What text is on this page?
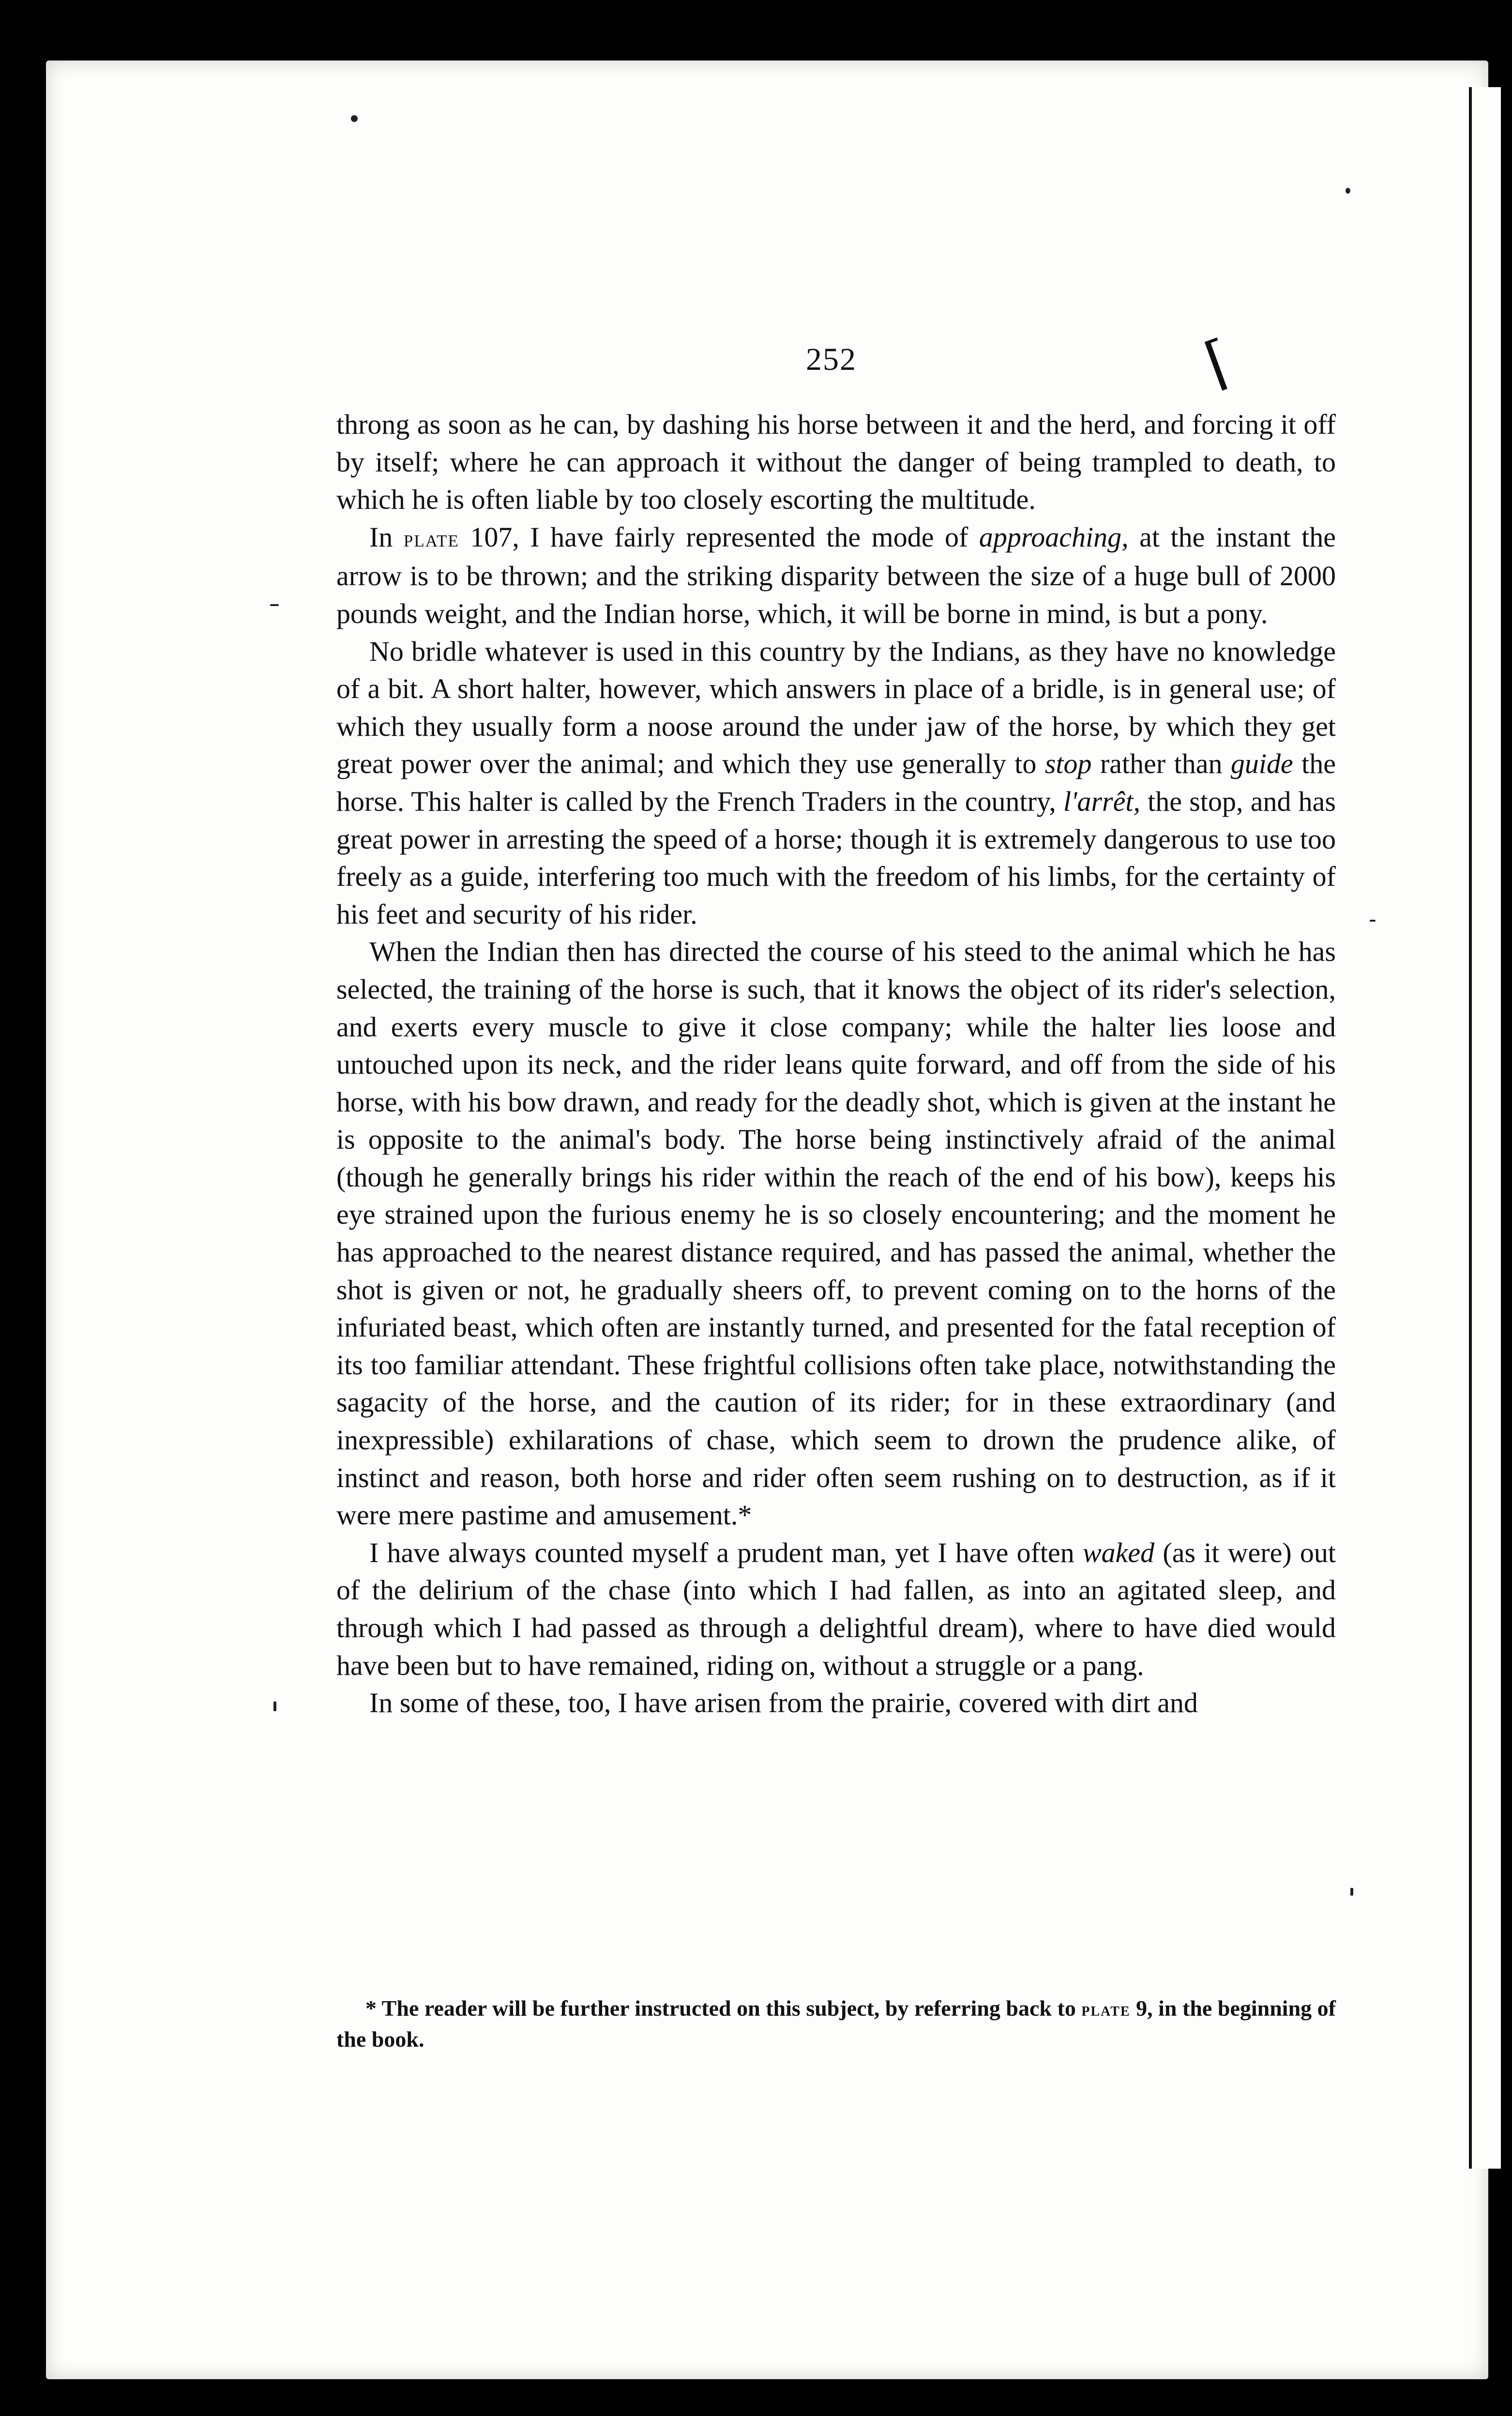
252	⌈

throng as soon as he can, by dashing his horse between it and the herd, and forcing it off by itself; where he can approach it without the danger of being trampled to death, to which he is often liable by too closely escorting the multitude.

In plate 107, I have fairly represented the mode of approaching, at the instant the arrow is to be thrown; and the striking disparity between the size of a huge bull of 2000 pounds weight, and the Indian horse, which, it will be borne in mind, is but a pony.

No bridle whatever is used in this country by the Indians, as they have no knowledge of a bit. A short halter, however, which answers in place of a bridle, is in general use; of which they usually form a noose around the under jaw of the horse, by which they get great power over the animal; and which they use generally to stop rather than guide the horse. This halter is called by the French Traders in the country, l'arrêt, the stop, and has great power in arresting the speed of a horse; though it is extremely dangerous to use too freely as a guide, interfering too much with the freedom of his limbs, for the certainty of his feet and security of his rider.

When the Indian then has directed the course of his steed to the animal which he has selected, the training of the horse is such, that it knows the object of its rider's selection, and exerts every muscle to give it close company; while the halter lies loose and untouched upon its neck, and the rider leans quite forward, and off from the side of his horse, with his bow drawn, and ready for the deadly shot, which is given at the instant he is opposite to the animal's body. The horse being instinctively afraid of the animal (though he generally brings his rider within the reach of the end of his bow), keeps his eye strained upon the furious enemy he is so closely encountering; and the moment he has approached to the nearest distance required, and has passed the animal, whether the shot is given or not, he gradually sheers off, to prevent coming on to the horns of the infuriated beast, which often are instantly turned, and presented for the fatal reception of its too familiar attendant. These frightful collisions often take place, notwithstanding the sagacity of the horse, and the caution of its rider; for in these extraordinary (and inexpressible) exhilarations of chase, which seem to drown the prudence alike, of instinct and reason, both horse and rider often seem rushing on to destruction, as if it were mere pastime and amusement.*

I have always counted myself a prudent man, yet I have often waked (as it were) out of the delirium of the chase (into which I had fallen, as into an agitated sleep, and through which I had passed as through a delightful dream), where to have died would have been but to have remained, riding on, without a struggle or a pang.

In some of these, too, I have arisen from the prairie, covered with dirt and

* The reader will be further instructed on this subject, by referring back to plate 9, in the beginning of the book.
